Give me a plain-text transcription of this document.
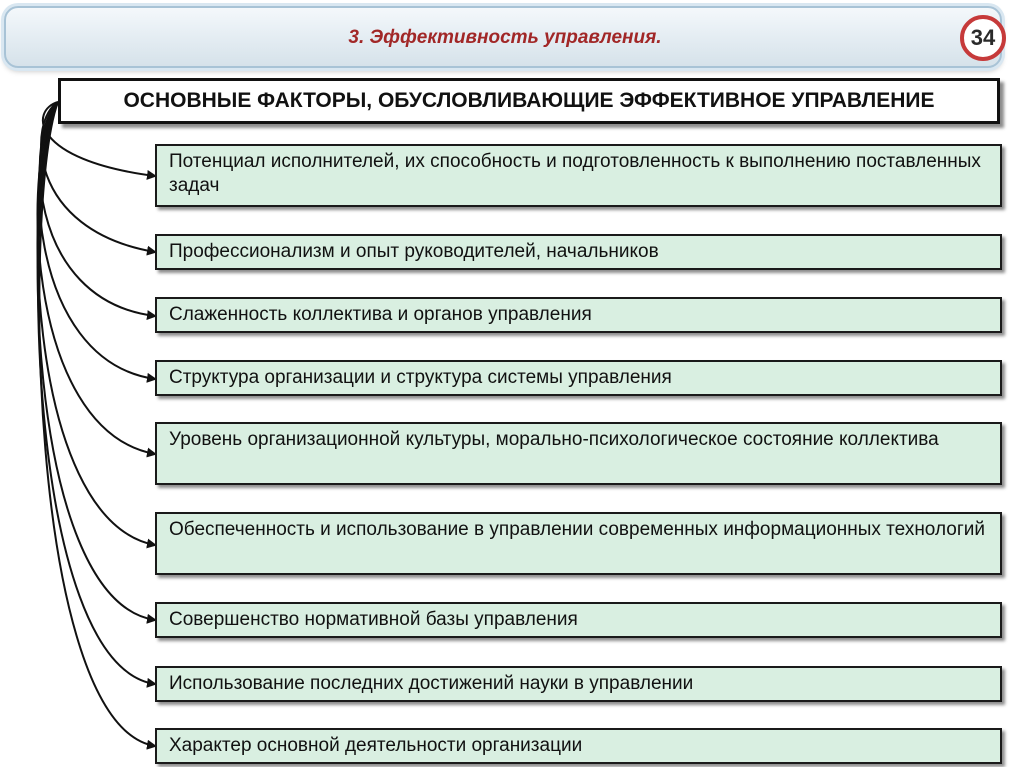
3. Эффективность управления.	34
ОСНОВНЫЕ ФАКТОРЫ, ОБУСЛОВЛИВАЮЩИЕ ЭФФЕКТИВНОЕ УПРАВЛЕНИЕ
Потенциал исполнителей, их способность и подготовленность к выполнению поставленных задач
Профессионализм и опыт руководителей, начальников
Слаженность коллектива и органов управления
Структура организации и структура системы управления
Уровень организационной культуры, морально-психологическое состояние коллектива
Обеспеченность и использование в управлении современных информационных технологий
Совершенство нормативной базы управления
Использование последних достижений науки в управлении
Характер основной деятельности организации
